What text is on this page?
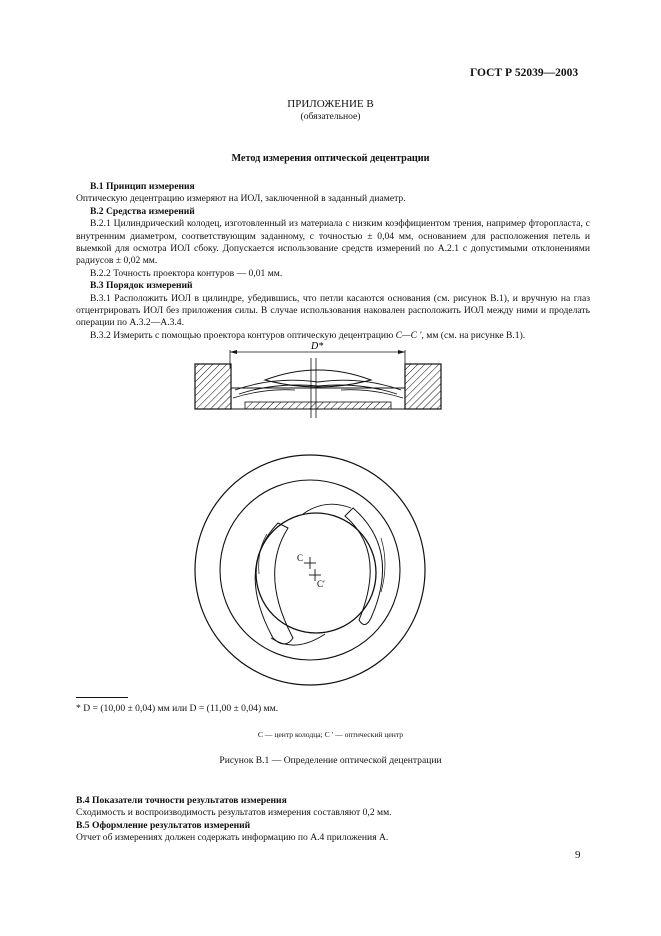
ГОСТ Р 52039—2003
ПРИЛОЖЕНИЕ В
(обязательное)
Метод измерения оптической децентрации

В.1 Принцип измерения

Оптическую децентрацию измеряют на ИОЛ, заключенной в заданный диаметр.

В.2 Средства измерений

В.2.1 Цилиндрический колодец, изготовленный из материала с низким коэффициентом трения, например фторопласта, с внутренним диаметром, соответствующим заданному, с точностью ± 0,04 мм, основанием для расположения петель и выемкой для осмотра ИОЛ сбоку. Допускается использование средств измерений по А.2.1 с допустимыми отклонениями радиусов ± 0,02 мм.

В.2.2 Точность проектора контуров — 0,01 мм.

В.3 Порядок измерений

В.3.1 Расположить ИОЛ в цилиндре, убедившись, что петли касаются основания (см. рисунок В.1), и вручную на глаз отцентрировать ИОЛ без приложения силы. В случае использования наковален расположить ИОЛ между ними и проделать операции по А.3.2—А.3.4.

В.3.2 Измерить с помощью проектора контуров оптическую децентрацию С—С ′, мм (см. на рисунке В.1).

D*
C
C′
* D = (10,00 ± 0,04) мм или D = (11,00 ± 0,04) мм.
С — центр колодца; С ′ — оптический центр
Рисунок В.1 — Определение оптической децентрации

В.4 Показатели точности результатов измерения

Сходимость и воспроизводимость результатов измерения составляют 0,2 мм.

В.5 Оформление результатов измерений

Отчет об измерениях должен содержать информацию по А.4 приложения А.

9
